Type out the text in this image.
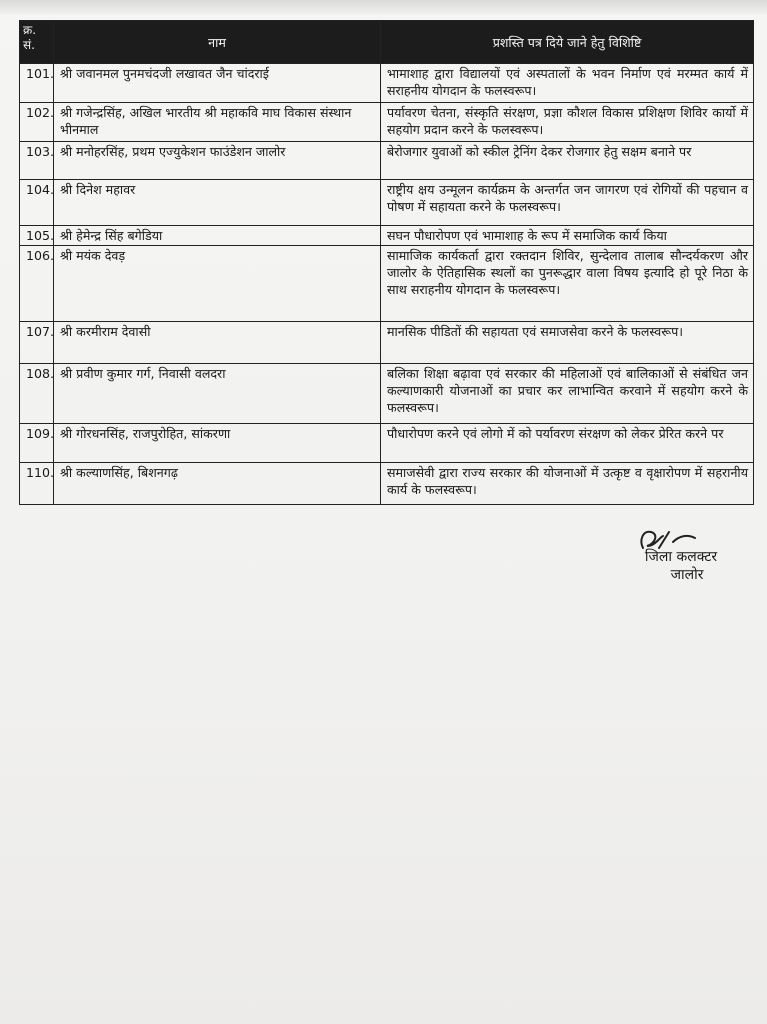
क्र. सं.	नाम	प्रशस्ति पत्र दिये जाने हेतु विशिष्टि
101.	श्री जवानमल पुनमचंदजी लखावत जैन चांदराई	भामाशाह द्वारा विद्यालयों एवं अस्पतालों के भवन निर्माण एवं मरम्मत कार्य में सराहनीय योगदान के फलस्वरूप।
102.	श्री गजेन्द्रसिंह, अखिल भारतीय श्री महाकवि माघ विकास संस्थान भीनमाल	पर्यावरण चेतना, संस्कृति संरक्षण, प्रज्ञा कौशल विकास प्रशिक्षण शिविर कार्यो में सहयोग प्रदान करने के फलस्वरूप।
103.	श्री मनोहरसिंह, प्रथम एज्युकेशन फाउंडेशन जालोर	बेरोजगार युवाओं को स्कील ट्रेनिंग देकर रोजगार हेतु सक्षम बनाने पर
104.	श्री दिनेश महावर	राष्ट्रीय क्षय उन्मूलन कार्यक्रम के अन्तर्गत जन जागरण एवं रोगियों की पहचान व पोषण में सहायता करने के फलस्वरूप।
105.	श्री हेमेन्द्र सिंह बगेडिया	सघन पौधारोपण एवं भामाशाह के रूप में समाजिक कार्य किया
106.	श्री मयंक देवड़	सामाजिक कार्यकर्ता द्वारा रक्तदान शिविर, सुन्देलाव तालाब सौन्दर्यकरण और जालोर के ऐतिहासिक स्थलों का पुनरूद्धार वाला विषय इत्यादि हो पूरे निठा के साथ सराहनीय योगदान के फलस्वरूप।
107.	श्री करमीराम देवासी	मानसिक पीडितों की सहायता एवं समाजसेवा करने के फलस्वरूप।
108.	श्री प्रवीण कुमार गर्ग, निवासी वलदरा	बलिका शिक्षा बढ़ावा एवं सरकार की महिलाओं एवं बालिकाओं से संबंधित जन कल्याणकारी योजनाओं का प्रचार कर लाभान्वित करवाने में सहयोग करने के फलस्वरूप।
109.	श्री गोरधनसिंह, राजपुरोहित, सांकरणा	पौधारोपण करने एवं लोगो में को पर्यावरण संरक्षण को लेकर प्रेरित करने पर
110.	श्री कल्याणसिंह, बिशनगढ़	समाजसेवी द्वारा राज्य सरकार की योजनाओं में उत्कृष्ट व वृक्षारोपण में सहरानीय कार्य के फलस्वरूप।
जिला कलक्टर
जालोर
